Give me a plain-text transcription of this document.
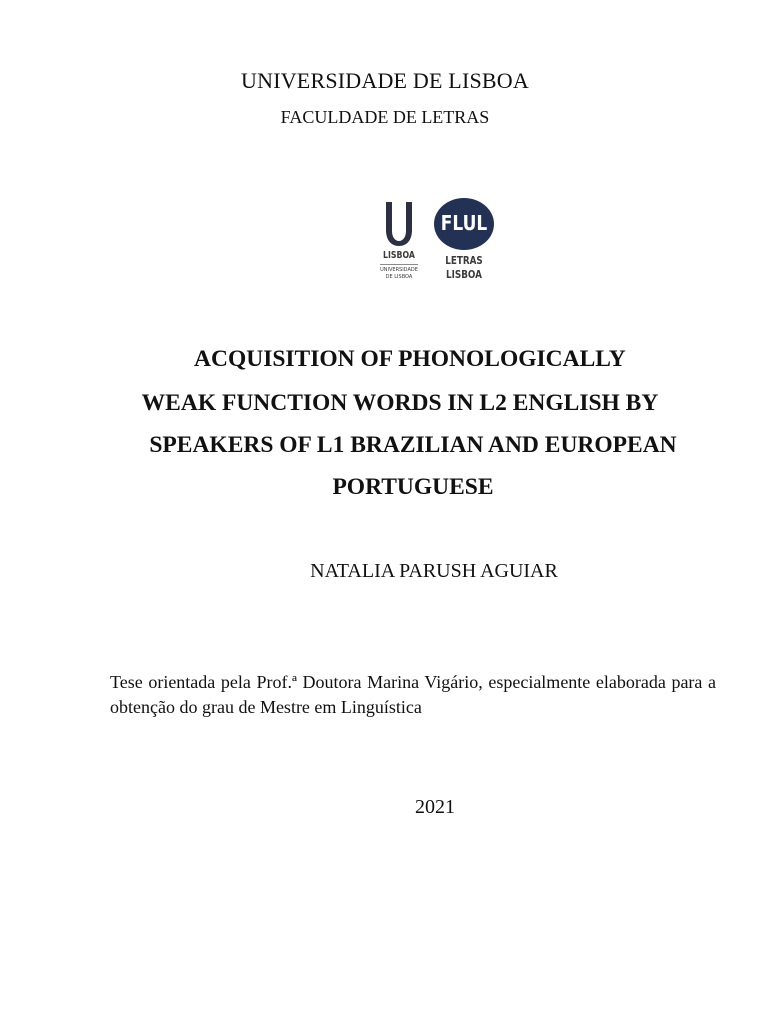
UNIVERSIDADE DE LISBOA
FACULDADE DE LETRAS
LISBOA
UNIVERSIDADE
DE LISBOA
FLUL
LETRAS
LISBOA
ACQUISITION OF PHONOLOGICALLY
WEAK FUNCTION WORDS IN L2 ENGLISH BY
SPEAKERS OF L1 BRAZILIAN AND EUROPEAN
PORTUGUESE
NATALIA PARUSH AGUIAR
Tese orientada pela Prof.ª Doutora Marina Vigário, especialmente elaborada para a obtenção do grau de Mestre em Linguística
2021
